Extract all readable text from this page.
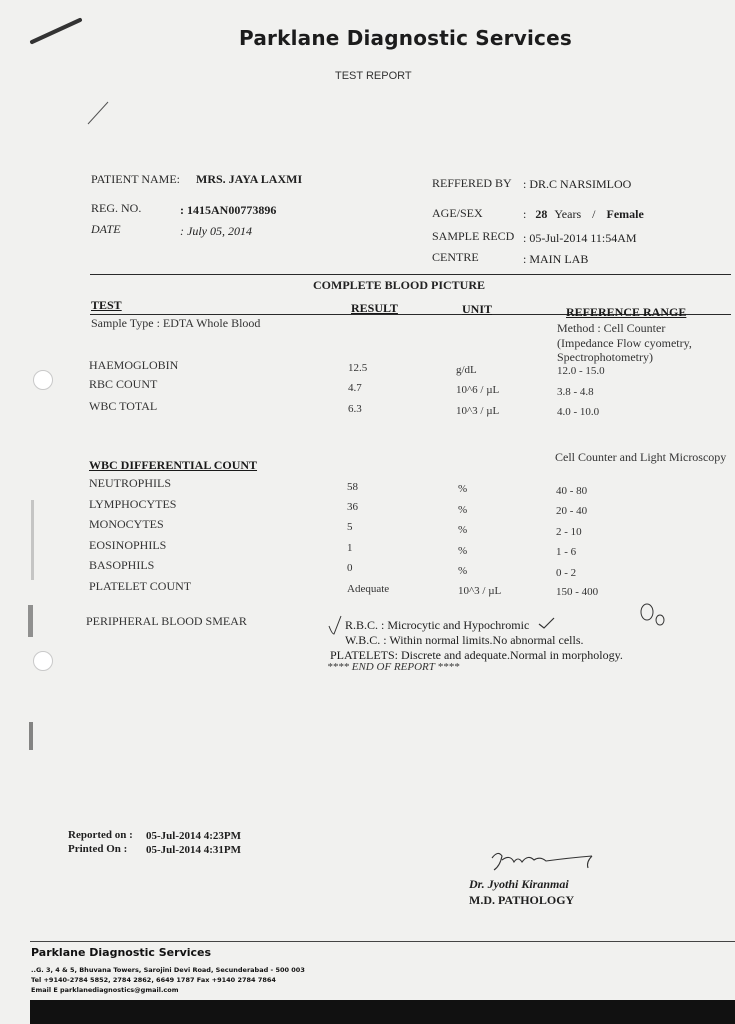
Parklane Diagnostic Services
TEST REPORT
PATIENT NAME: MRS. JAYA LAXMI
REG. NO.	: 1415AN00773896
DATE	: July 05, 2014
REFFERED BY : DR.C NARSIMLOO
AGE/SEX	: 28 Years / Female
SAMPLE RECD : 05-Jul-2014 11:54AM
CENTRE	: MAIN LAB
COMPLETE BLOOD PICTURE
TEST	RESULT	UNIT	REFERENCE RANGE
Sample Type : EDTA Whole Blood	Method : Cell Counter
(Impedance Flow cyometry,
Spectrophotometry)
HAEMOGLOBIN	12.5	g/dL	12.0 - 15.0
RBC COUNT	4.7	10^6 / µL	3.8 - 4.8
WBC TOTAL	6.3	10^3 / µL	4.0 - 10.0
WBC DIFFERENTIAL COUNT
Cell Counter and Light Microscopy
NEUTROPHILS	58	%	40 - 80
LYMPHOCYTES	36	%	20 - 40
MONOCYTES	5	%	2 - 10
EOSINOPHILS	1	%	1 - 6
BASOPHILS	0	%	0 - 2
PLATELET COUNT	Adequate	10^3 / µL	150 - 400
PERIPHERAL BLOOD SMEAR	R.B.C. : Microcytic and Hypochromic
W.B.C. : Within normal limits.No abnormal cells.
PLATELETS: Discrete and adequate.Normal in morphology.
**** END OF REPORT ****
Reported on : 05-Jul-2014 4:23PM
Printed On : 05-Jul-2014 4:31PM
Dr. Jyothi Kiranmai
M.D. PATHOLOGY
Parklane Diagnostic Services
..G. 3, 4 & 5, Bhuvana Towers, Sarojini Devi Road, Secunderabad - 500 003
Tel +9140-2784 5852, 2784 2862, 6649 1787 Fax +9140 2784 7864
Email E parklanediagnostics@gmail.com
